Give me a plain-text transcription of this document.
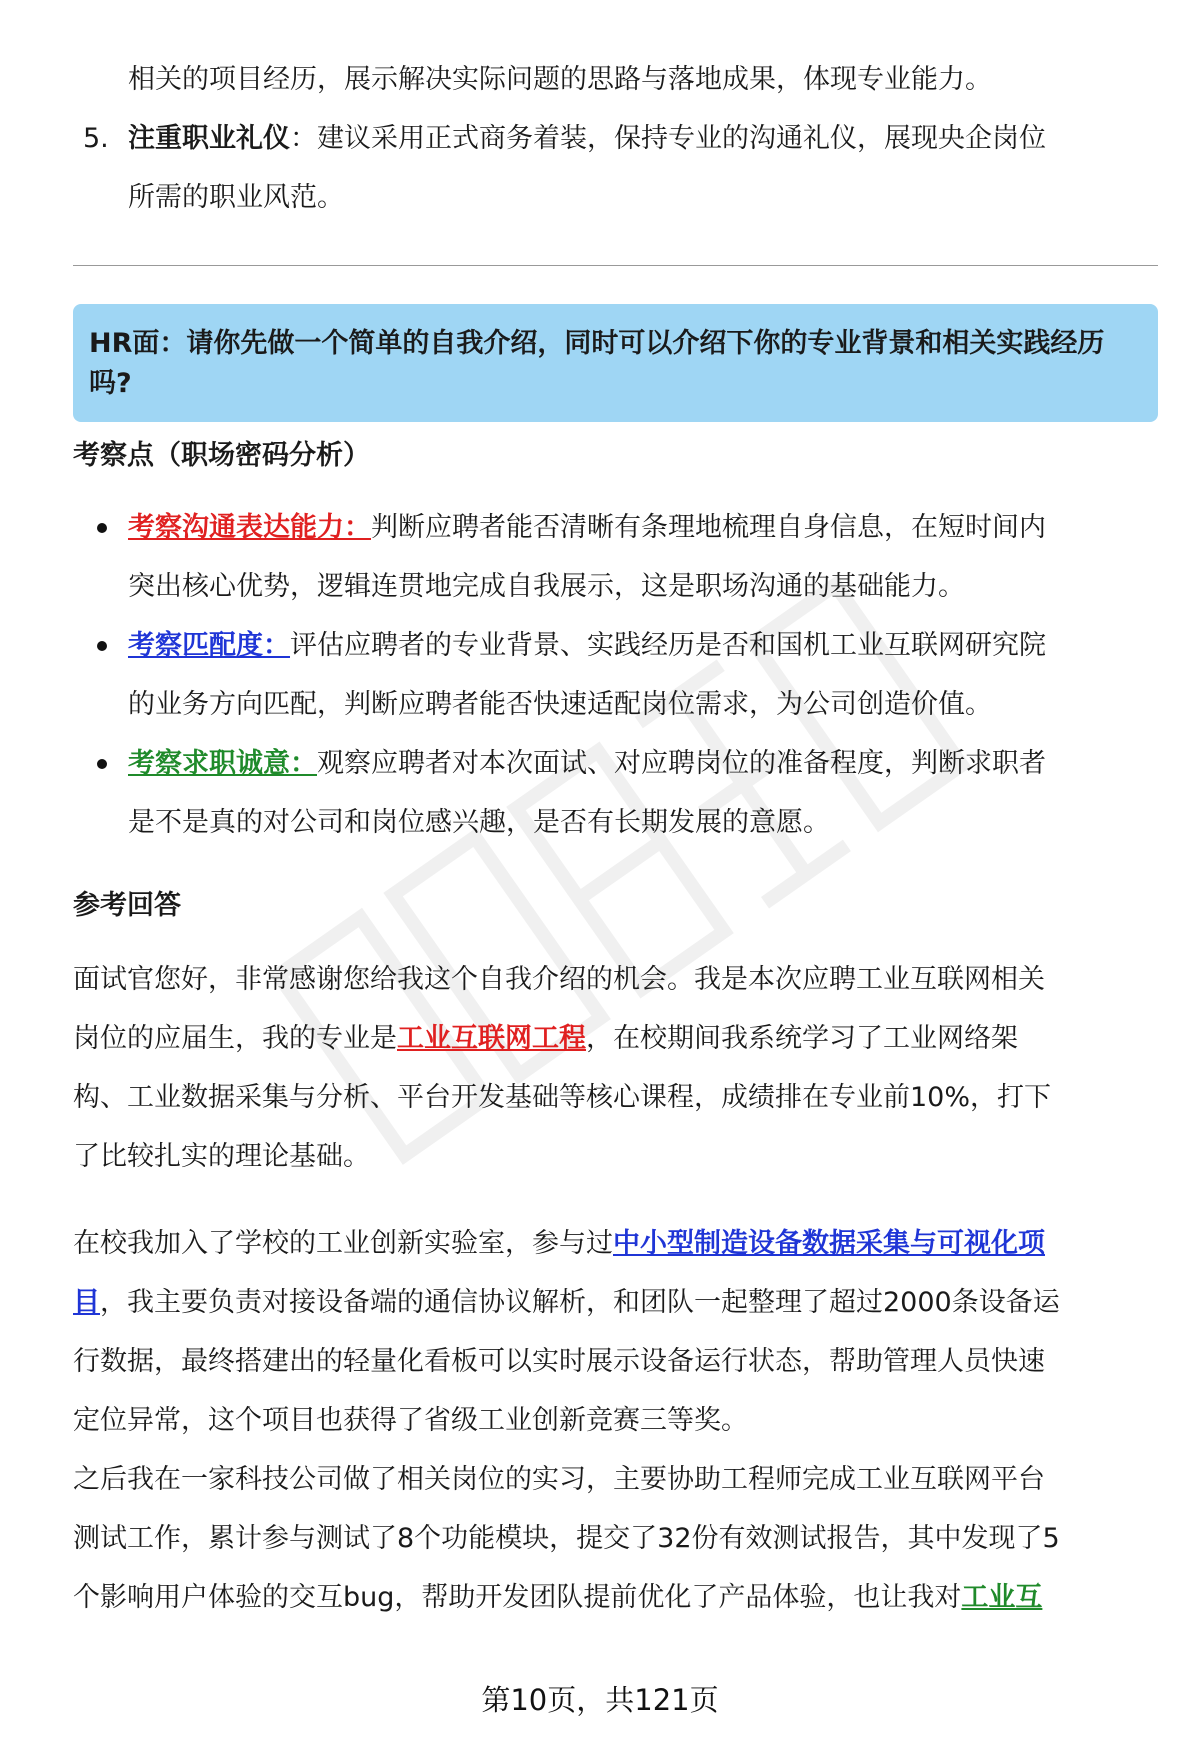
相关的项目经历，展示解决实际问题的思路与落地成果，体现专业能力。
5. 注重职业礼仪：建议采用正式商务着装，保持专业的沟通礼仪，展现央企岗位
所需的职业风范。
HR面：请你先做一个简单的自我介绍，同时可以介绍下你的专业背景和相关实践经历吗?
考察点（职场密码分析）
考察沟通表达能力：判断应聘者能否清晰有条理地梳理自身信息，在短时间内
突出核心优势，逻辑连贯地完成自我展示，这是职场沟通的基础能力。
考察匹配度：评估应聘者的专业背景、实践经历是否和国机工业互联网研究院
的业务方向匹配，判断应聘者能否快速适配岗位需求，为公司创造价值。
考察求职诚意：观察应聘者对本次面试、对应聘岗位的准备程度，判断求职者
是不是真的对公司和岗位感兴趣，是否有长期发展的意愿。
参考回答
面试官您好，非常感谢您给我这个自我介绍的机会。我是本次应聘工业互联网相关
岗位的应届生，我的专业是工业互联网工程，在校期间我系统学习了工业网络架
构、工业数据采集与分析、平台开发基础等核心课程，成绩排在专业前10%，打下
了比较扎实的理论基础。
在校我加入了学校的工业创新实验室，参与过中小型制造设备数据采集与可视化项
目，我主要负责对接设备端的通信协议解析，和团队一起整理了超过2000条设备运
行数据，最终搭建出的轻量化看板可以实时展示设备运行状态，帮助管理人员快速
定位异常，这个项目也获得了省级工业创新竞赛三等奖。
之后我在一家科技公司做了相关岗位的实习，主要协助工程师完成工业互联网平台
测试工作，累计参与测试了8个功能模块，提交了32份有效测试报告，其中发现了5
个影响用户体验的交互bug，帮助开发团队提前优化了产品体验，也让我对工业互
第10页，共121页
